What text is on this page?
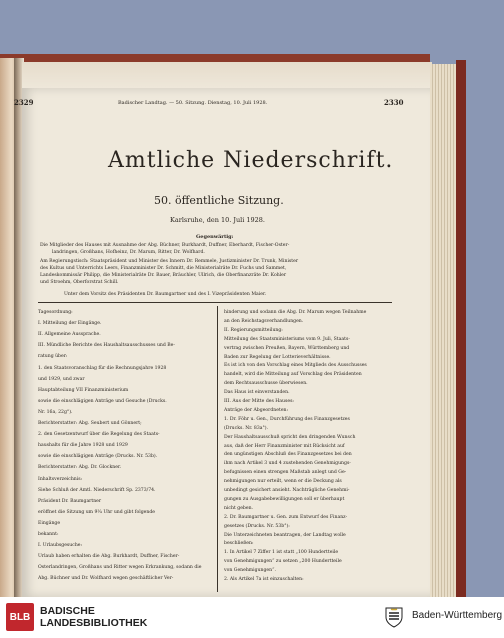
2329	Badischer Landtag. — 50. Sitzung. Dienstag, 10. Juli 1928.	2330
Amtliche Niederschrift.
50. öffentliche Sitzung.
Karlsruhe, den 10. Juli 1928.
Gegenwärtig:
Die Mitglieder des Hauses mit Ausnahme der Abg. Büchner, Burkhardt, Duffner, Eberhardt, Fischer-Oster-
landringen, Großhans, Hofheinz, Dr. Marum, Ritter, Dr. Wolfhard.
Am Regierungstisch: Staatspräsident und Minister des Innern Dr. Remmele, Justizminister Dr. Trunk, Minister
des Kultus und Unterrichts Leers, Finanzminister Dr. Schmitt, die Ministerialräte Dr. Fuchs und Sammet,
Landeskommissär Philipp, die Ministerialräte Dr. Bauer, Bräuchler, Ullrich, die Oberfinanzräte Dr. Kohler
und Stroehm, Oberforstrat Schill.
Unter dem Vorsitz des Präsidenten Dr. Baumgartner und des I. Vizepräsidenten Maier.
Tagesordnung:
I. Mitteilung der Eingänge.
II. Allgemeine Aussprache.
III. Mündliche Berichte des Haushaltsausschusses und Be-
ratung über:
1. den Staatsvoranschlag für die Rechnungsjahre 1928
und 1929, und zwar
Hauptabteilung VII Finanzministerium
sowie die einschlägigen Anträge und Gesuche (Drucks.
Nr. 16a, 22g°).
Berichterstatter: Abg. Seubert und Gönnert;
2. den Gesetzentwurf über die Regelung des Staats-
haushalts für die Jahre 1928 und 1929
sowie die einschlägigen Anträge (Drucks. Nr. 53b).
Berichterstatter: Abg. Dr. Glockner.
Inhaltsverzeichnis:
Siehe Schluß der Amtl. Niederschrift Sp. 2373/74.
Präsident Dr. Baumgartner
eröffnet die Sitzung um 9¼ Uhr und gibt folgende
Eingänge
bekannt:
I. Urlaubsgesuche:
Urlaub haben erhalten die Abg. Burkhardt, Duffner, Fischer-
Osterlandringen, Großhans und Ritter wegen Erkrankung, sodann die
Abg. Büchner und Dr. Wolfhard wegen geschäftlicher Ver-
hinderung und sodann die Abg. Dr. Marum wegen Teilnahme
an den Reichstagsverhandlungen.
II. Regierungsmitteilung:
Mitteilung des Staatsministeriums vom 9. Juli, Staats-
vertrag zwischen Preußen, Bayern, Württemberg und
Baden zur Regelung der Lotterieverhältnisse.
Es ist ich von den Vorschlag eines Mitglieds des Ausschusses
handelt, wird die Mitteilung auf Vorschlag des Präsidenten
dem Rechtsausschusse überwiesen.
Das Haus ist einverstanden.
III. Aus der Mitte des Hauses:
Anträge der Abgeordneten:
1. Dr. Föhr u. Gen., Durchführung des Finanzgesetzes
(Drucks. Nr. 83a°).
Der Haushaltsausschuß spricht den dringenden Wunsch
aus, daß der Herr Finanzminister mit Rücksicht auf
den ungünstigen Abschluß des Finanzgesetzes bei den
ihm nach Artikel 3 und 4 zustehenden Genehmigungs-
befugnissen einen strengen Maßstab anlegt und Ge-
nehmigungen nur erteilt, wenn er die Deckung als
unbedingt gesichert ansieht. Nachträgliche Genehmi-
gungen zu Ausgabebewilligungen soll er überhaupt
nicht geben.
2. Dr. Baumgartner u. Gen. zum Entwurf des Finanz-
gesetzes (Drucks. Nr. 53b°):
Die Unterzeichneten beantragen, der Landtag wolle
beschließen:
1. In Artikel 7 Ziffer 1 ist statt „100 Hundertteile
von Genehmigungen“ zu setzen „200 Hundertteile
von Genehmigungen“.
2. Als Artikel 7a ist einzuschalten:
BLB BADISCHE
LANDESBIBLIOTHEK
Baden-Württemberg
